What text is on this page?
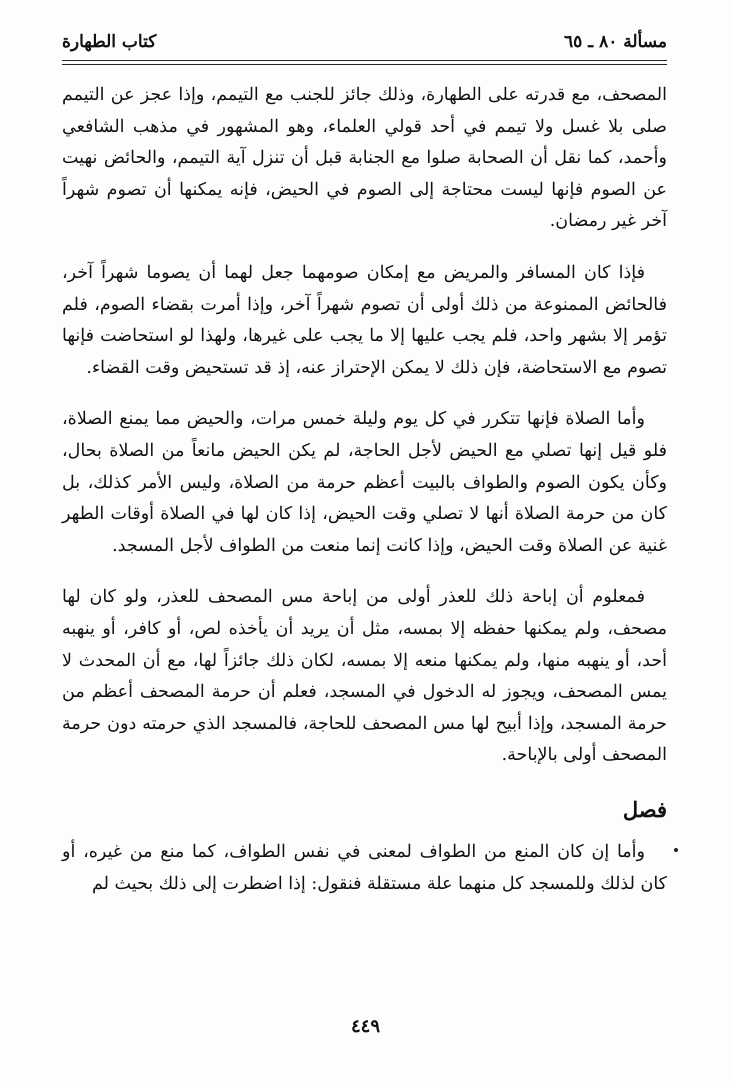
مسألة ٨٠ ـ ٦٥
كتاب الطهارة

المصحف، مع قدرته على الطهارة، وذلك جائز للجنب مع التيمم، وإذا عجز عن التيمم صلى بلا غسل ولا تيمم في أحد قولي العلماء، وهو المشهور في مذهب الشافعي وأحمد، كما نقل أن الصحابة صلوا مع الجنابة قبل أن تنزل آية التيمم، والحائض نهيت عن الصوم فإنها ليست محتاجة إلى الصوم في الحيض، فإنه يمكنها أن تصوم شهراً آخر غير رمضان.

فإذا كان المسافر والمريض مع إمكان صومهما جعل لهما أن يصوما شهراً آخر، فالحائض الممنوعة من ذلك أولى أن تصوم شهراً آخر، وإذا أمرت بقضاء الصوم، فلم تؤمر إلا بشهر واحد، فلم يجب عليها إلا ما يجب على غيرها، ولهذا لو استحاضت فإنها تصوم مع الاستحاضة، فإن ذلك لا يمكن الإحتراز عنه، إذ قد تستحيض وقت القضاء.

وأما الصلاة فإنها تتكرر في كل يوم وليلة خمس مرات، والحيض مما يمنع الصلاة، فلو قيل إنها تصلي مع الحيض لأجل الحاجة، لم يكن الحيض مانعاً من الصلاة بحال، وكأن يكون الصوم والطواف بالبيت أعظم حرمة من الصلاة، وليس الأمر كذلك، بل كان من حرمة الصلاة أنها لا تصلي وقت الحيض، إذا كان لها في الصلاة أوقات الطهر غنية عن الصلاة وقت الحيض، وإذا كانت إنما منعت من الطواف لأجل المسجد.

فمعلوم أن إباحة ذلك للعذر أولى من إباحة مس المصحف للعذر، ولو كان لها مصحف، ولم يمكنها حفظه إلا بمسه، مثل أن يريد أن يأخذه لص، أو كافر، أو ينهبه أحد، أو ينهبه منها، ولم يمكنها منعه إلا بمسه، لكان ذلك جائزاً لها، مع أن المحدث لا يمس المصحف، ويجوز له الدخول في المسجد، فعلم أن حرمة المصحف أعظم من حرمة المسجد، وإذا أبيح لها مس المصحف للحاجة، فالمسجد الذي حرمته دون حرمة المصحف أولى بالإباحة.

فصل

وأما إن كان المنع من الطواف لمعنى في نفس الطواف، كما منع من غيره، أو كان لذلك وللمسجد كل منهما علة مستقلة فنقول: إذا اضطرت إلى ذلك بحيث لم

٤٤٩
